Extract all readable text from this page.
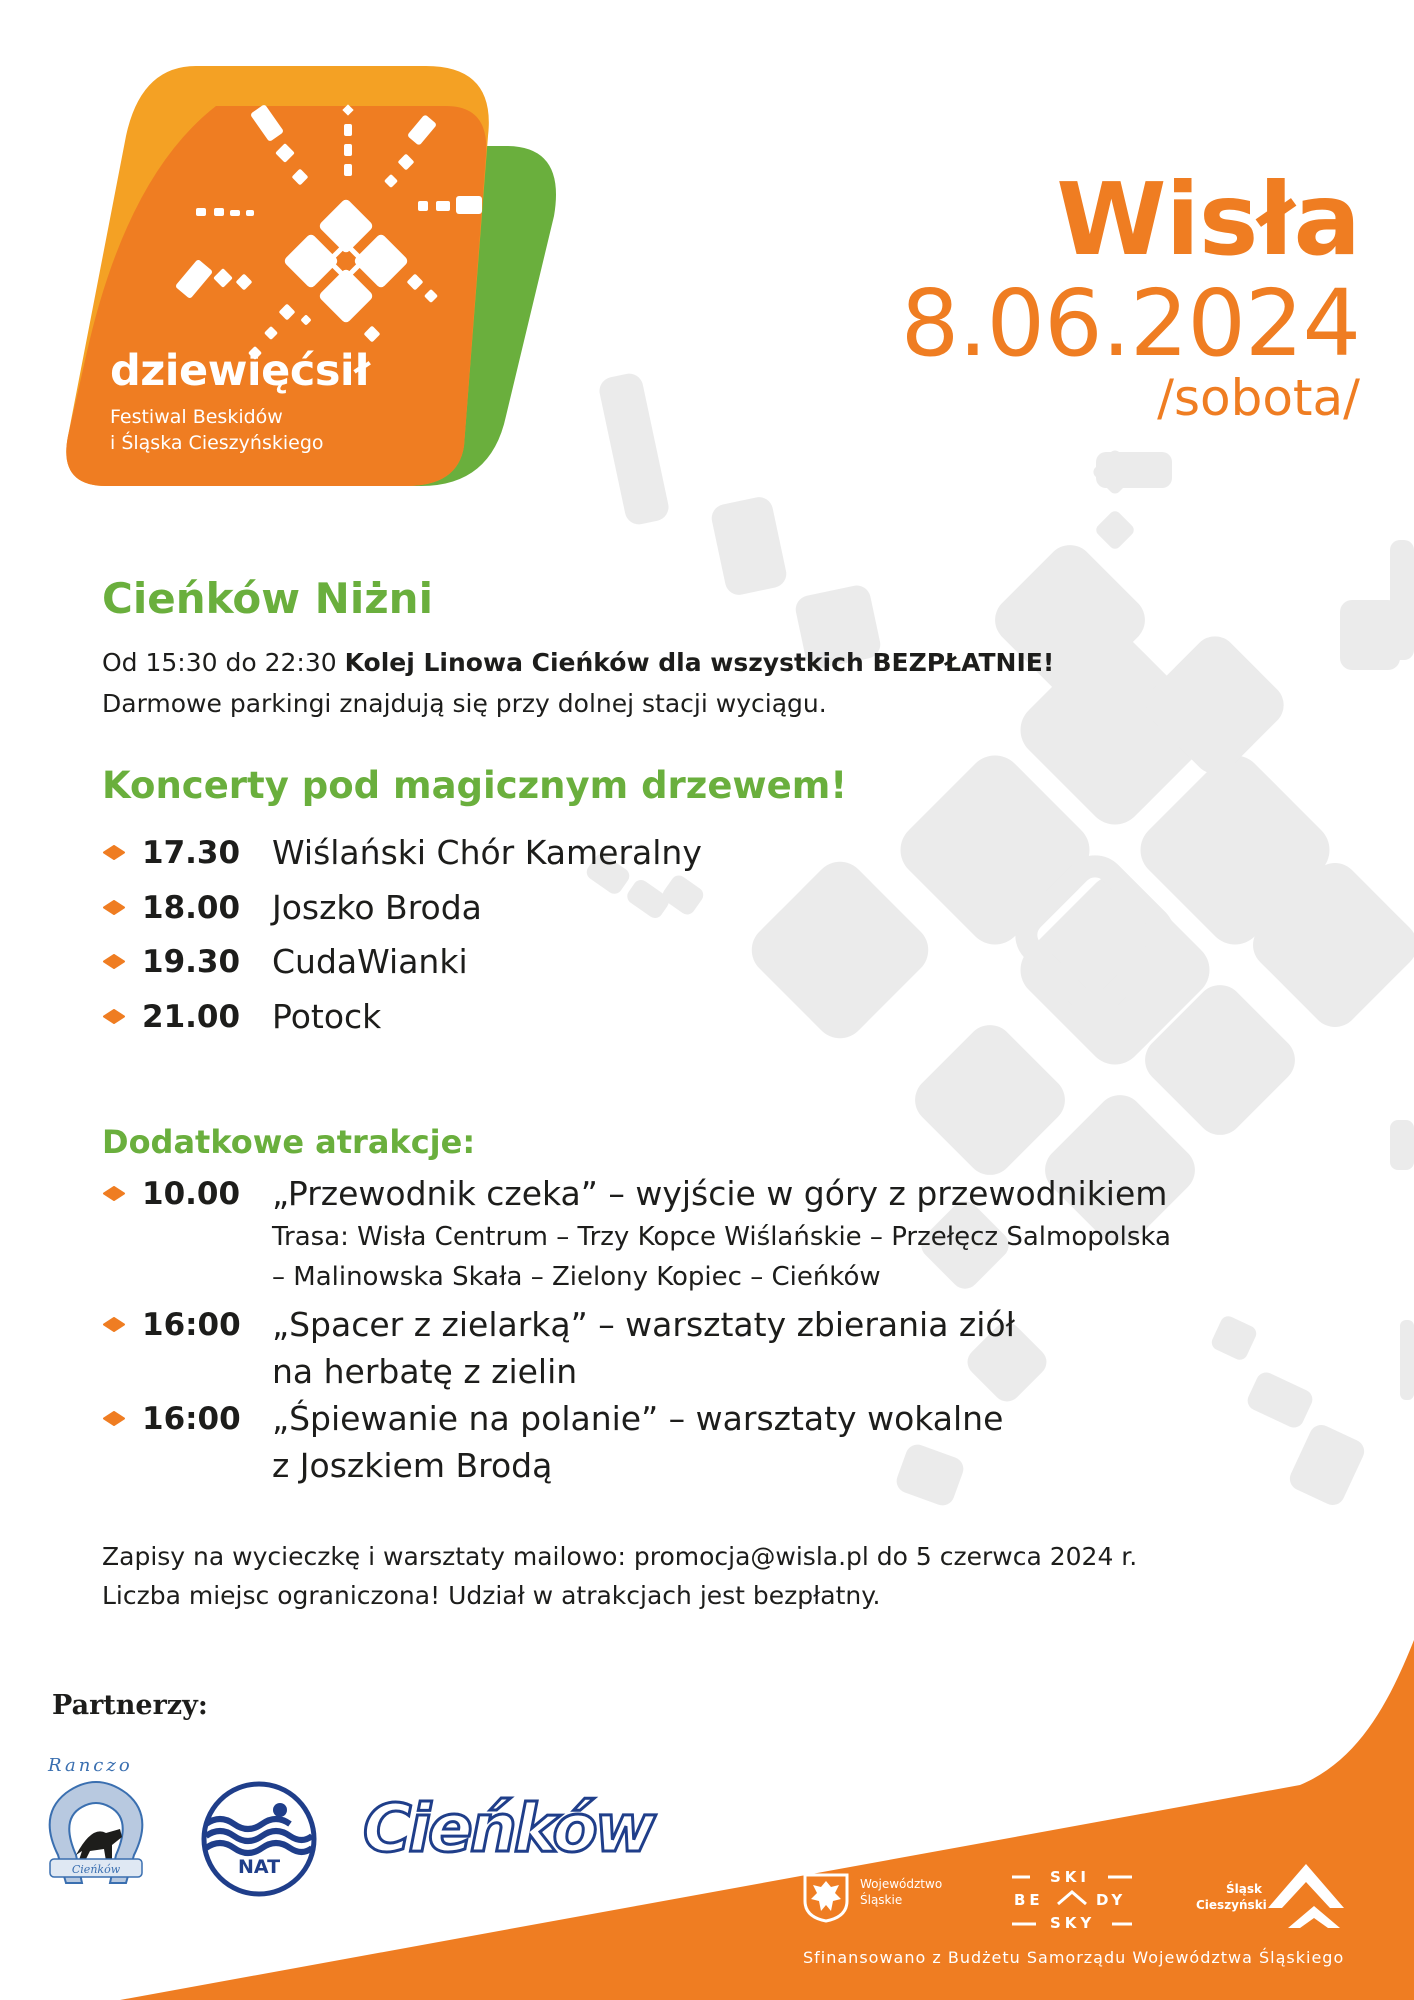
dziewięćsił
Festiwal Beskidów
i Śląska Cieszyńskiego
Wisła
8.06.2024
/sobota/
Cieńków Niżni
Od 15:30 do 22:30 Kolej Linowa Cieńków dla wszystkich BEZPŁATNIE!
Darmowe parkingi znajdują się przy dolnej stacji wyciągu.
Koncerty pod magicznym drzewem!
17.30 Wiślański Chór Kameralny
18.00 Joszko Broda
19.30 CudaWianki
21.00 Potock
Dodatkowe atrakcje:
10.00 „Przewodnik czeka” – wyjście w góry z przewodnikiem
Trasa: Wisła Centrum – Trzy Kopce Wiślańskie – Przełęcz Salmopolska
– Malinowska Skała – Zielony Kopiec – Cieńków
16:00 „Spacer z zielarką” – warsztaty zbierania ziół
na herbatę z zielin
16:00 „Śpiewanie na polanie” – warsztaty wokalne
z Joszkiem Brodą
Zapisy na wycieczkę i warsztaty mailowo: promocja@wisla.pl do 5 czerwca 2024 r.
Liczba miejsc ograniczona! Udział w atrakcjach jest bezpłatny.
Partnerzy:
Cieńków
Ranczo
NAT	Cieńków
Województwo
Śląskie
SKI
BE	DY
SKY
Śląsk
Cieszyński
Sfinansowano z Budżetu Samorządu Województwa Śląskiego
